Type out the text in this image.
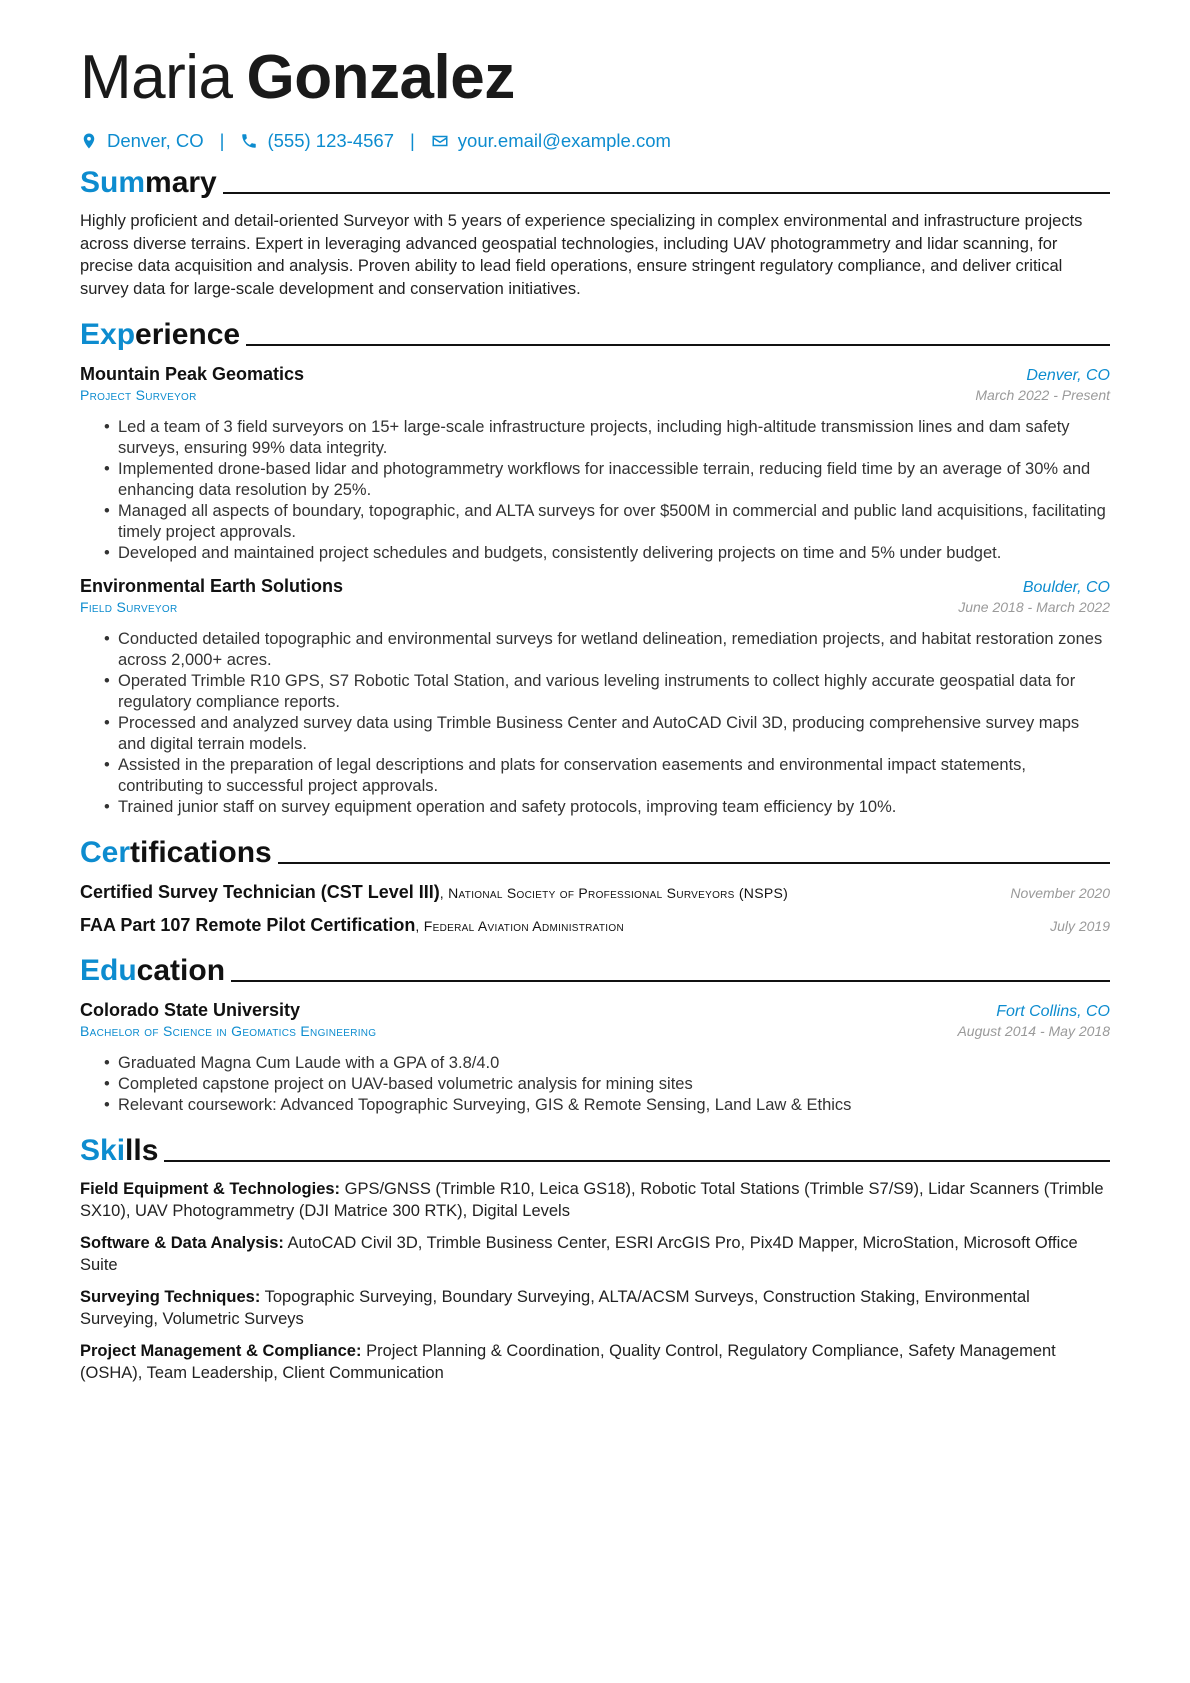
Maria Gonzalez
Denver, CO | (555) 123-4567 | your.email@example.com
Summary

Highly proficient and detail-oriented Surveyor with 5 years of experience specializing in complex environmental and infrastructure projects across diverse terrains. Expert in leveraging advanced geospatial technologies, including UAV photogrammetry and lidar scanning, for precise data acquisition and analysis. Proven ability to lead field operations, ensure stringent regulatory compliance, and deliver critical survey data for large-scale development and conservation initiatives.

Experience
Mountain Peak Geomatics	Denver, CO
Project Surveyor	March 2022 - Present
• Led a team of 3 field surveyors on 15+ large-scale infrastructure projects, including high-altitude transmission lines and dam safety surveys, ensuring 99% data integrity.
• Implemented drone-based lidar and photogrammetry workflows for inaccessible terrain, reducing field time by an average of 30% and enhancing data resolution by 25%.
• Managed all aspects of boundary, topographic, and ALTA surveys for over $500M in commercial and public land acquisitions, facilitating timely project approvals.
• Developed and maintained project schedules and budgets, consistently delivering projects on time and 5% under budget.
Environmental Earth Solutions	Boulder, CO
Field Surveyor	June 2018 - March 2022
• Conducted detailed topographic and environmental surveys for wetland delineation, remediation projects, and habitat restoration zones across 2,000+ acres.
• Operated Trimble R10 GPS, S7 Robotic Total Station, and various leveling instruments to collect highly accurate geospatial data for regulatory compliance reports.
• Processed and analyzed survey data using Trimble Business Center and AutoCAD Civil 3D, producing comprehensive survey maps and digital terrain models.
• Assisted in the preparation of legal descriptions and plats for conservation easements and environmental impact statements, contributing to successful project approvals.
• Trained junior staff on survey equipment operation and safety protocols, improving team efficiency by 10%.
Certifications
Certified Survey Technician (CST Level III), National Society of Professional Surveyors (NSPS)	November 2020
FAA Part 107 Remote Pilot Certification, Federal Aviation Administration	July 2019
Education
Colorado State University	Fort Collins, CO
Bachelor of Science in Geomatics Engineering	August 2014 - May 2018
• Graduated Magna Cum Laude with a GPA of 3.8/4.0
• Completed capstone project on UAV-based volumetric analysis for mining sites
• Relevant coursework: Advanced Topographic Surveying, GIS & Remote Sensing, Land Law & Ethics
Skills
Field Equipment & Technologies: GPS/GNSS (Trimble R10, Leica GS18), Robotic Total Stations (Trimble S7/S9), Lidar Scanners (Trimble SX10), UAV Photogrammetry (DJI Matrice 300 RTK), Digital Levels
Software & Data Analysis: AutoCAD Civil 3D, Trimble Business Center, ESRI ArcGIS Pro, Pix4D Mapper, MicroStation, Microsoft Office Suite
Surveying Techniques: Topographic Surveying, Boundary Surveying, ALTA/ACSM Surveys, Construction Staking, Environmental Surveying, Volumetric Surveys
Project Management & Compliance: Project Planning & Coordination, Quality Control, Regulatory Compliance, Safety Management (OSHA), Team Leadership, Client Communication
